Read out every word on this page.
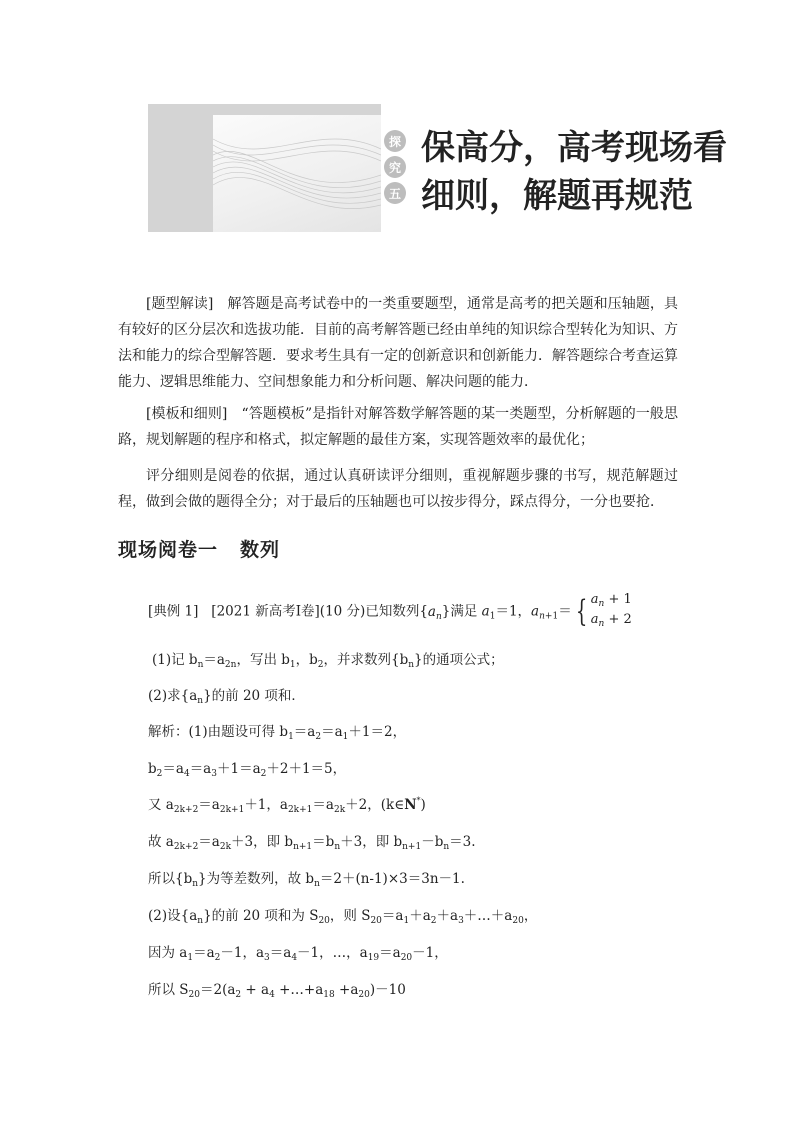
探
究
五
保高分，高考现场看
细则，解题再规范

[题型解读]　解答题是高考试卷中的一类重要题型，通常是高考的把关题和压轴题，具有较好的区分层次和选拔功能．目前的高考解答题已经由单纯的知识综合型转化为知识、方法和能力的综合型解答题．要求考生具有一定的创新意识和创新能力．解答题综合考查运算能力、逻辑思维能力、空间想象能力和分析问题、解决问题的能力．

[模板和细则]　“答题模板”是指针对解答数学解答题的某一类题型，分析解题的一般思路，规划解题的程序和格式，拟定解题的最佳方案，实现答题效率的最优化；

评分细则是阅卷的依据，通过认真研读评分细则，重视解题步骤的书写，规范解题过程，做到会做的题得全分；对于最后的压轴题也可以按步得分，踩点得分，一分也要抢．

现场阅卷一 数列

[典例 1] [2021 新高考Ⅰ卷](10 分)已知数列$\{a_n\}$满足 $a_1=1$，$a_{n+1}=$ { $a_n + 1$
$a_n + 2$

(1)记 $b_n=a_{2n}$，写出 $b_1$，$b_2$，并求数列$\{b_n\}$的通项公式；

(2)求$\{a_n\}$的前 20 项和．

解析：(1)由题设可得 $b_1=a_2=a_1+1=2$，

$b_2=a_4=a_3+1=a_2+2+1=5$，

又 $a_{2k+2}=a_{2k+1}+1$，$a_{2k+1}=a_{2k}+2$，(k∈N*)

故 $a_{2k+2}=a_{2k}+3$，即 $b_{n+1}=b_n+3$，即 $b_{n+1}-b_n=3$.

所以$\{b_n\}$为等差数列，故 $b_n=2+(n-1)\times 3=3n-1$.

(2)设$\{a_n\}$的前 20 项和为 $S_{20}$，则 $S_{20}=a_1+a_2+a_3+\dots+a_{20}$，

因为 $a_1=a_2-1$，$a_3=a_4-1$，…，$a_{19}=a_{20}-1$，

所以 $S_{20}=2(a_2 + a_4$ $+\dots+a_{18} +a_{20})-10$
